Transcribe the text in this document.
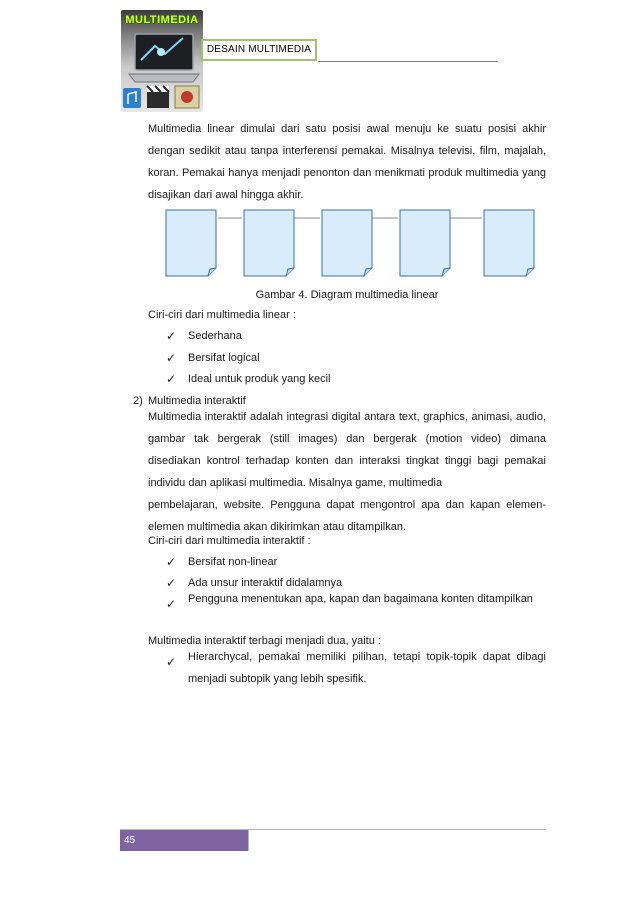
MULTIMEDIA
DESAIN MULTIMEDIA
Multimedia linear dimulai dari satu posisi awal menuju ke suatu posisi akhir dengan sedikit atau tanpa interferensi pemakai. Misalnya televisi, film, majalah, koran. Pemakai hanya menjadi penonton dan menikmati produk multimedia yang disajikan dari awal hingga akhir.
Gambar 4. Diagram multimedia linear
Ciri-ciri dari multimedia linear :
✓ Sederhana
✓ Bersifat logical
✓ Ideal untuk produk yang kecil
2) Multimedia interaktif
Multimedia interaktif adalah integrasi digital antara text, graphics, animasi, audio, gambar tak bergerak (still images) dan bergerak (motion video) dimana disediakan kontrol terhadap konten dan interaksi tingkat tinggi bagi pemakai individu dan aplikasi multimedia. Misalnya game, multimedia
pembelajaran, website. Pengguna dapat mengontrol apa dan kapan elemen-elemen multimedia akan dikirimkan atau ditampilkan.
Ciri-ciri dari multimedia interaktif :
✓ Bersifat non-linear
✓ Ada unsur interaktif didalamnya
✓ Pengguna menentukan apa, kapan dan bagaimana konten ditampilkan
Multimedia interaktif terbagi menjadi dua, yaitu :
✓ Hierarchycal, pemakai memiliki pilihan, tetapi topik-topik dapat dibagi menjadi subtopik yang lebih spesifik.
45
